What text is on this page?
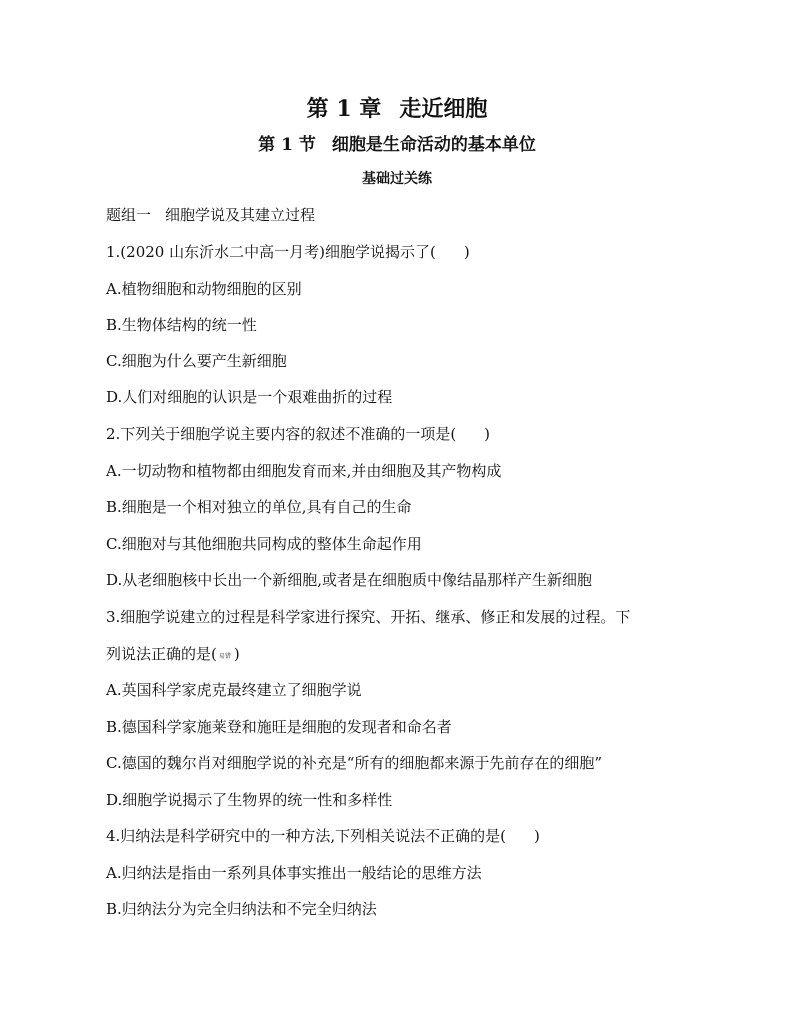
第 1 章 走近细胞
第 1 节 细胞是生命活动的基本单位
基础过关练
题组一 细胞学说及其建立过程
1.(2020 山东沂水二中高一月考)细胞学说揭示了( )
A.植物细胞和动物细胞的区别
B.生物体结构的统一性
C.细胞为什么要产生新细胞
D.人们对细胞的认识是一个艰难曲折的过程
2.下列关于细胞学说主要内容的叙述不准确的一项是( )
A.一切动物和植物都由细胞发育而来,并由细胞及其产物构成
B.细胞是一个相对独立的单位,具有自己的生命
C.细胞对与其他细胞共同构成的整体生命起作用
D.从老细胞核中长出一个新细胞,或者是在细胞质中像结晶那样产生新细胞
3.细胞学说建立的过程是科学家进行探究、开拓、继承、修正和发展的过程。下
列说法正确的是( 易错 )
A.英国科学家虎克最终建立了细胞学说
B.德国科学家施莱登和施旺是细胞的发现者和命名者
C.德国的魏尔肖对细胞学说的补充是“所有的细胞都来源于先前存在的细胞”
D.细胞学说揭示了生物界的统一性和多样性
4.归纳法是科学研究中的一种方法,下列相关说法不正确的是( )
A.归纳法是指由一系列具体事实推出一般结论的思维方法
B.归纳法分为完全归纳法和不完全归纳法
